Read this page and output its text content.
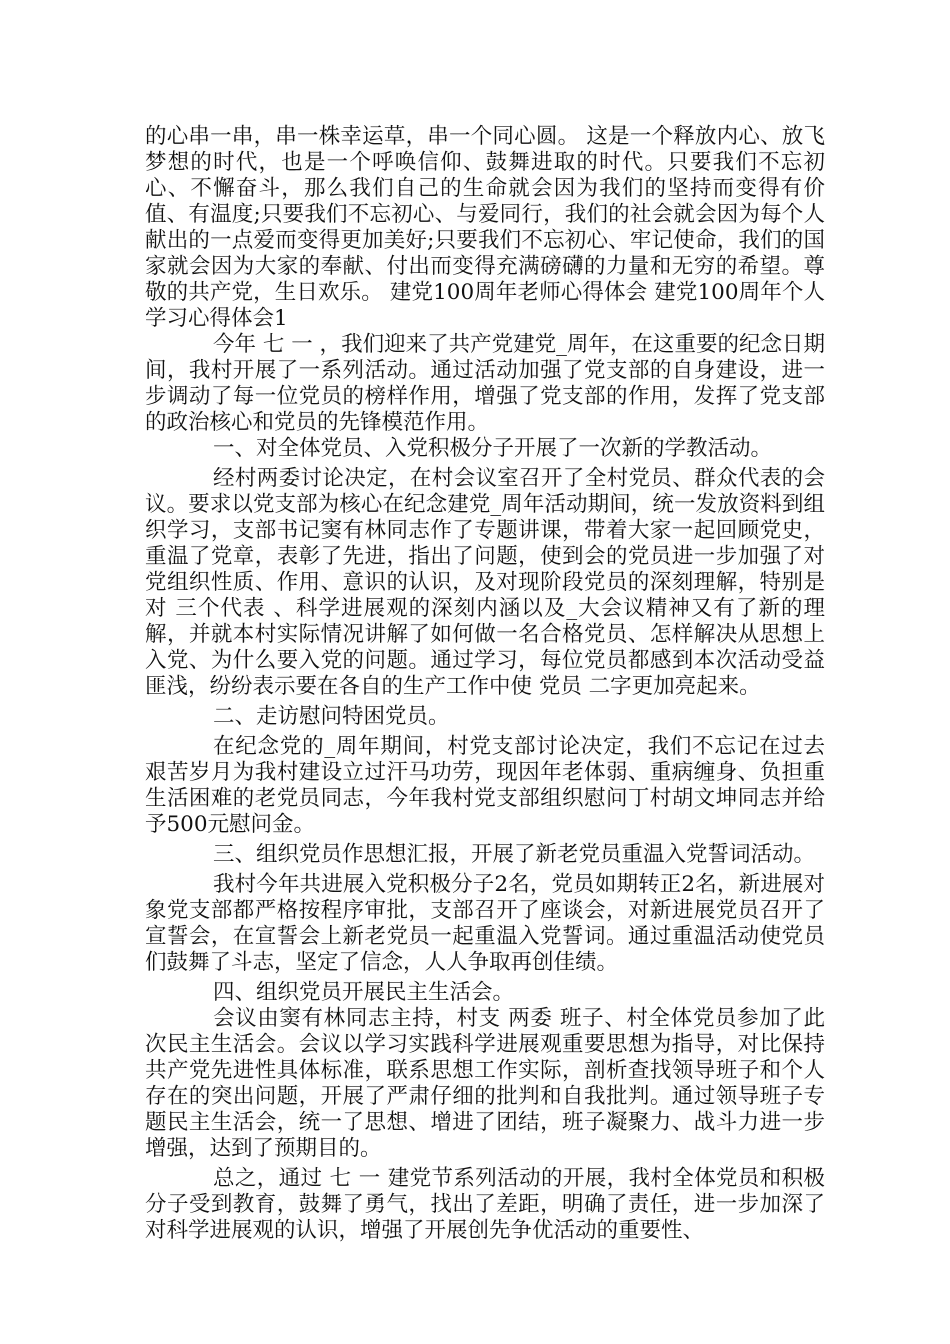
的心串一串，串一株幸运草，串一个同心圆。 这是一个释放内心、放飞梦想的时代，也是一个呼唤信仰、鼓舞进取的时代。只要我们不忘初心、不懈奋斗，那么我们自己的生命就会因为我们的坚持而变得有价值、有温度;只要我们不忘初心、与爱同行，我们的社会就会因为每个人献出的一点爱而变得更加美好;只要我们不忘初心、牢记使命，我们的国家就会因为大家的奉献、付出而变得充满磅礴的力量和无穷的希望。尊敬的共产党，生日欢乐。 建党100周年老师心得体会 建党100周年个人学习心得体会1

今年 七 一 ，我们迎来了共产党建党_周年，在这重要的纪念日期间，我村开展了一系列活动。通过活动加强了党支部的自身建设，进一步调动了每一位党员的榜样作用，增强了党支部的作用，发挥了党支部的政治核心和党员的先锋模范作用。

一、对全体党员、入党积极分子开展了一次新的学教活动。

经村两委讨论决定，在村会议室召开了全村党员、群众代表的会议。要求以党支部为核心在纪念建党_周年活动期间，统一发放资料到组织学习，支部书记窦有林同志作了专题讲课，带着大家一起回顾党史，重温了党章，表彰了先进，指出了问题，使到会的党员进一步加强了对党组织性质、作用、意识的认识，及对现阶段党员的深刻理解，特别是对 三个代表 、科学进展观的深刻内涵以及_大会议精神又有了新的理解，并就本村实际情况讲解了如何做一名合格党员、怎样解决从思想上入党、为什么要入党的问题。通过学习，每位党员都感到本次活动受益匪浅，纷纷表示要在各自的生产工作中使 党员 二字更加亮起来。

二、走访慰问特困党员。

在纪念党的_周年期间，村党支部讨论决定，我们不忘记在过去艰苦岁月为我村建设立过汗马功劳，现因年老体弱、重病缠身、负担重生活困难的老党员同志，今年我村党支部组织慰问丁村胡文坤同志并给予500元慰问金。

三、组织党员作思想汇报，开展了新老党员重温入党誓词活动。

我村今年共进展入党积极分子2名，党员如期转正2名，新进展对象党支部都严格按程序审批，支部召开了座谈会，对新进展党员召开了宣誓会，在宣誓会上新老党员一起重温入党誓词。通过重温活动使党员们鼓舞了斗志，坚定了信念，人人争取再创佳绩。

四、组织党员开展民主生活会。

会议由窦有林同志主持，村支 两委 班子、村全体党员参加了此次民主生活会。会议以学习实践科学进展观重要思想为指导，对比保持共产党先进性具体标准，联系思想工作实际，剖析查找领导班子和个人存在的突出问题，开展了严肃仔细的批判和自我批判。通过领导班子专题民主生活会，统一了思想、增进了团结，班子凝聚力、战斗力进一步增强，达到了预期目的。

总之，通过 七 一 建党节系列活动的开展，我村全体党员和积极分子受到教育，鼓舞了勇气，找出了差距，明确了责任，进一步加深了对科学进展观的认识，增强了开展创先争优活动的重要性、
